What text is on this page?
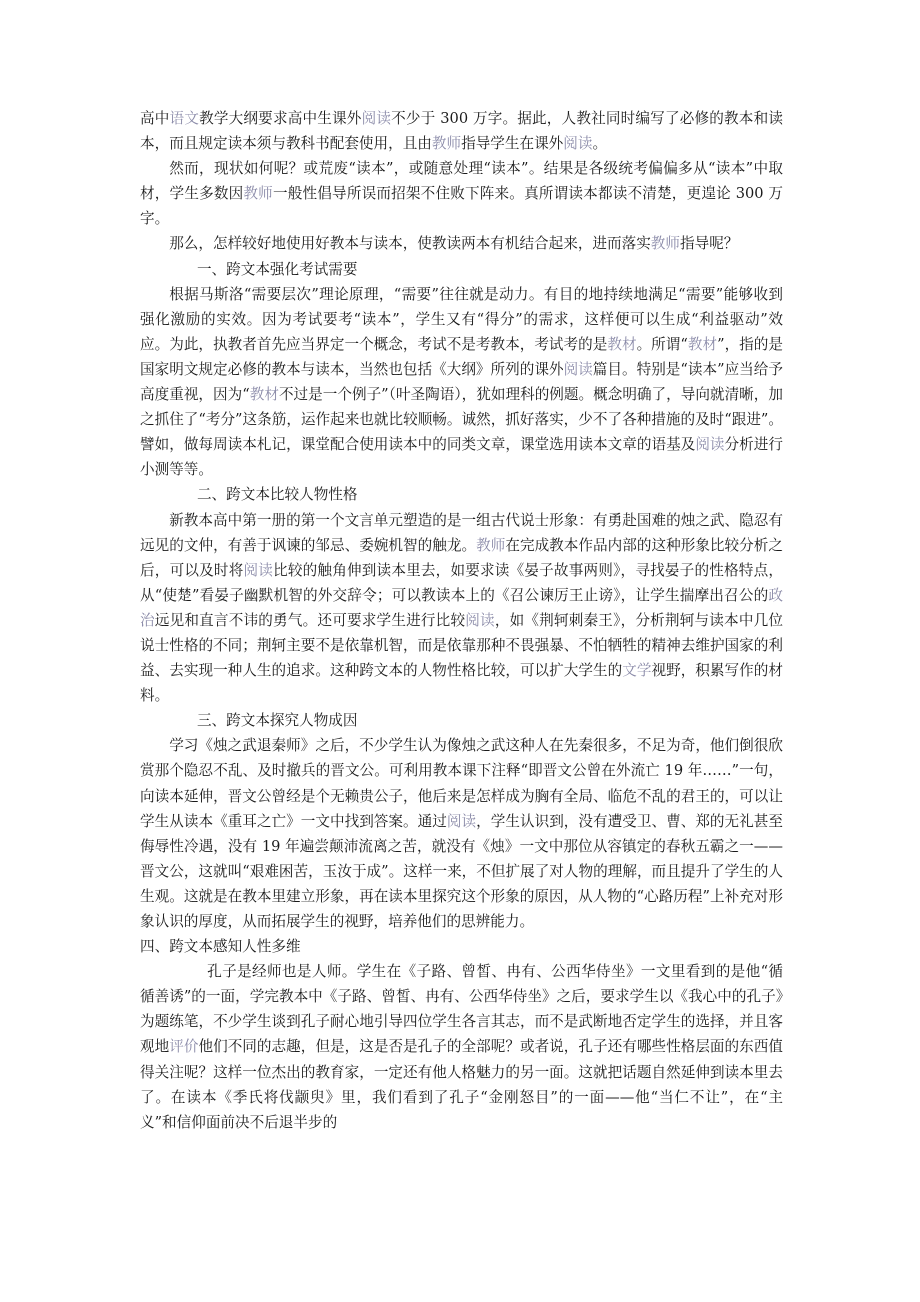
高中语文教学大纲要求高中生课外阅读不少于 300 万字。据此，人教社同时编写了必修的教本和读本，而且规定读本须与教科书配套使用，且由教师指导学生在课外阅读。

然而，现状如何呢？或荒废“读本”，或随意处理“读本”。结果是各级统考偏偏多从“读本”中取材，学生多数因教师一般性倡导所误而招架不住败下阵来。真所谓读本都读不清楚，更遑论 300 万字。

那么，怎样较好地使用好教本与读本，使教读两本有机结合起来，进而落实教师指导呢？

一、跨文本强化考试需要

根据马斯洛“需要层次”理论原理，“需要”往往就是动力。有目的地持续地满足“需要”能够收到强化激励的实效。因为考试要考“读本”，学生又有“得分”的需求，这样便可以生成“利益驱动”效应。为此，执教者首先应当界定一个概念，考试不是考教本，考试考的是教材。所谓“教材”，指的是国家明文规定必修的教本与读本，当然也包括《大纲》所列的课外阅读篇目。特别是“读本”应当给予高度重视，因为“教材不过是一个例子”（叶圣陶语），犹如理科的例题。概念明确了，导向就清晰，加之抓住了“考分”这条筋，运作起来也就比较顺畅。诚然，抓好落实，少不了各种措施的及时“跟进”。譬如，做每周读本札记，课堂配合使用读本中的同类文章，课堂选用读本文章的语基及阅读分析进行小测等等。

二、跨文本比较人物性格

新教本高中第一册的第一个文言单元塑造的是一组古代说士形象：有勇赴国难的烛之武、隐忍有远见的文仲，有善于讽谏的邹忌、委婉机智的触龙。教师在完成教本作品内部的这种形象比较分析之后，可以及时将阅读比较的触角伸到读本里去，如要求读《晏子故事两则》，寻找晏子的性格特点，从“使楚”看晏子幽默机智的外交辞令；可以教读本上的《召公谏厉王止谤》，让学生揣摩出召公的政治远见和直言不讳的勇气。还可要求学生进行比较阅读，如《荆轲刺秦王》，分析荆轲与读本中几位说士性格的不同；荆轲主要不是依靠机智，而是依靠那种不畏强暴、不怕牺牲的精神去维护国家的利益、去实现一种人生的追求。这种跨文本的人物性格比较，可以扩大学生的文学视野，积累写作的材料。

三、跨文本探究人物成因

学习《烛之武退秦师》之后，不少学生认为像烛之武这种人在先秦很多，不足为奇，他们倒很欣赏那个隐忍不乱、及时撤兵的晋文公。可利用教本课下注释“即晋文公曾在外流亡 19 年……”一句，向读本延伸，晋文公曾经是个无赖贵公子，他后来是怎样成为胸有全局、临危不乱的君王的，可以让学生从读本《重耳之亡》一文中找到答案。通过阅读，学生认识到，没有遭受卫、曹、郑的无礼甚至侮辱性冷遇，没有 19 年遍尝颠沛流离之苦，就没有《烛》一文中那位从容镇定的春秋五霸之一——晋文公，这就叫“艰难困苦，玉汝于成”。这样一来，不但扩展了对人物的理解，而且提升了学生的人生观。这就是在教本里建立形象，再在读本里探究这个形象的原因，从人物的“心路历程”上补充对形象认识的厚度，从而拓展学生的视野，培养他们的思辨能力。

四、跨文本感知人性多维

孔子是经师也是人师。学生在《子路、曾皙、冉有、公西华侍坐》一文里看到的是他“循循善诱”的一面，学完教本中《子路、曾皙、冉有、公西华侍坐》之后，要求学生以《我心中的孔子》为题练笔，不少学生谈到孔子耐心地引导四位学生各言其志，而不是武断地否定学生的选择，并且客观地评价他们不同的志趣，但是，这是否是孔子的全部呢？或者说，孔子还有哪些性格层面的东西值得关注呢？这样一位杰出的教育家，一定还有他人格魅力的另一面。这就把话题自然延伸到读本里去了。在读本《季氏将伐颛臾》里，我们看到了孔子“金刚怒目”的一面——他“当仁不让”，在“主义”和信仰面前决不后退半步的
